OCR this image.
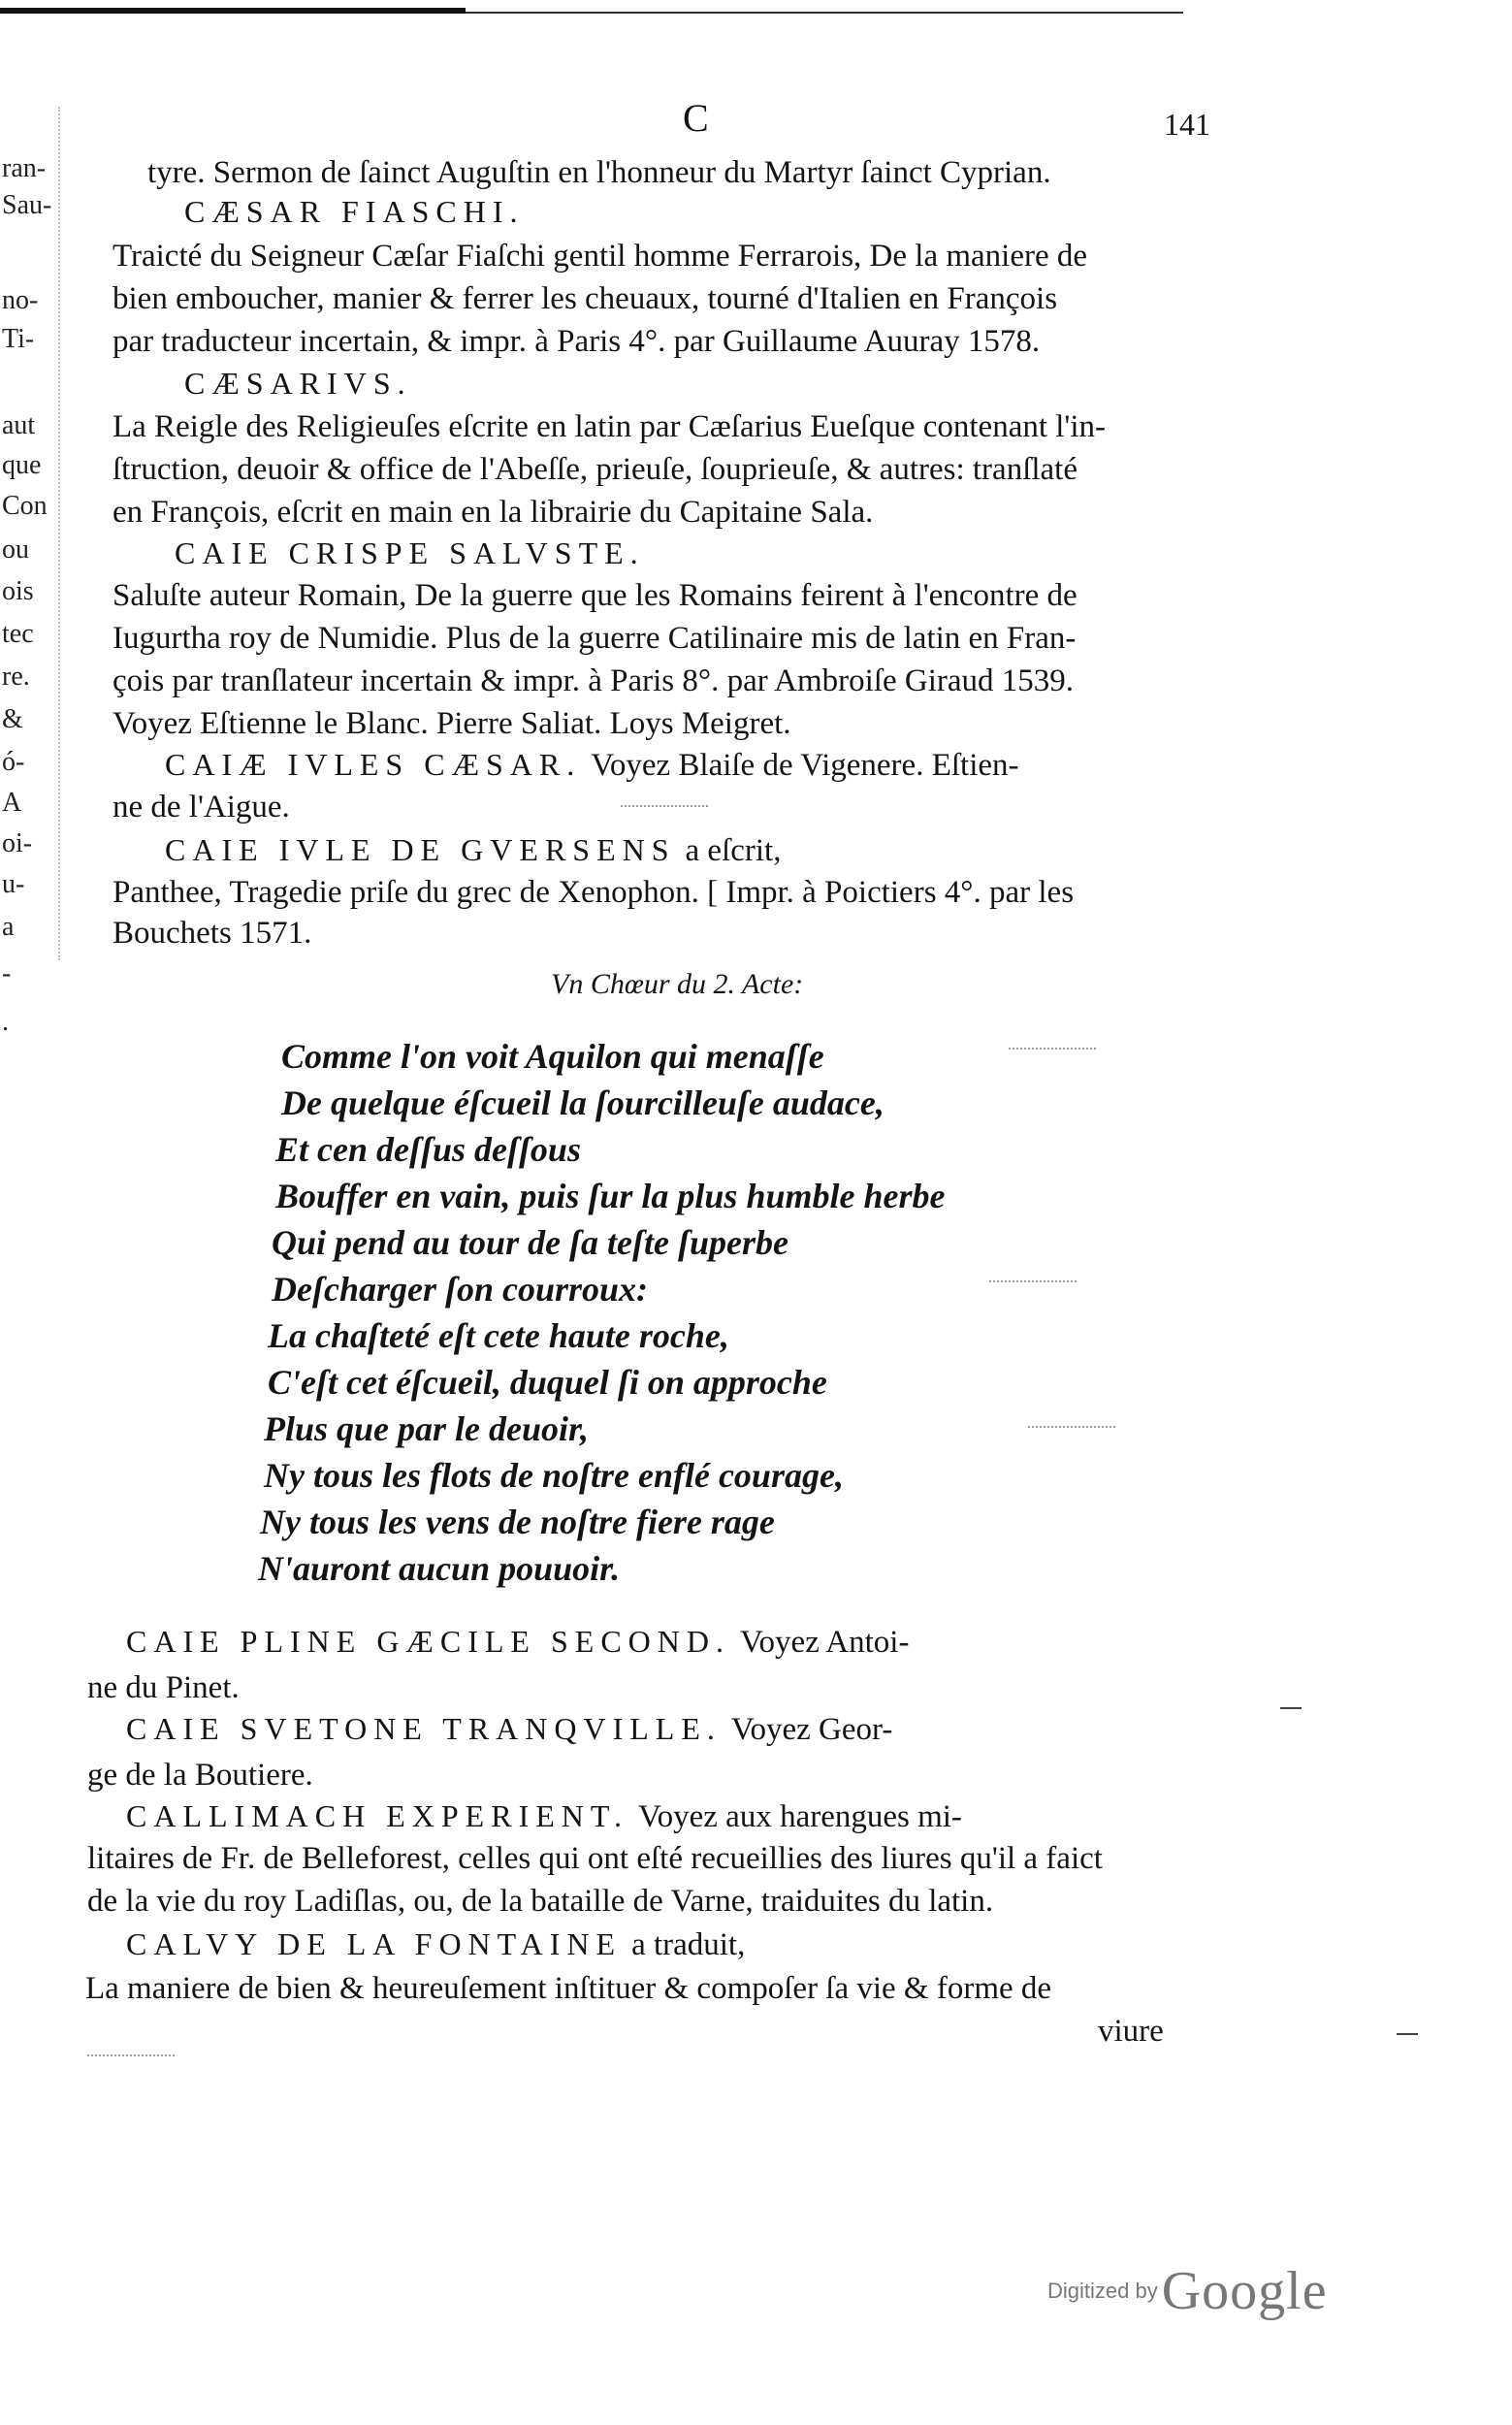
ran-
Sau-
no-
Ti-
aut
que
Con
ou
ois
tec
re.
&
ó-
A
oi-
u-
a
-
.
C	141
tyre. Sermon de ſainct Auguſtin en l'honneur du Martyr ſainct Cyprian.
CÆSAR FIASCHI.
Traicté du Seigneur Cæſar Fiaſchi gentil homme Ferrarois, De la maniere de
bien emboucher, manier & ferrer les cheuaux, tourné d'Italien en François
par traducteur incertain, & impr. à Paris 4°. par Guillaume Auuray 1578.
CÆSARIVS.
La Reigle des Religieuſes eſcrite en latin par Cæſarius Eueſque contenant l'in-
ſtruction, deuoir & office de l'Abeſſe, prieuſe, ſouprieuſe, & autres: tranſlaté
en François, eſcrit en main en la librairie du Capitaine Sala.
CAIE CRISPE SALVSTE.
Saluſte auteur Romain, De la guerre que les Romains feirent à l'encontre de
Iugurtha roy de Numidie. Plus de la guerre Catilinaire mis de latin en Fran-
çois par tranſlateur incertain & impr. à Paris 8°. par Ambroiſe Giraud 1539.
Voyez Eſtienne le Blanc. Pierre Saliat. Loys Meigret.
CAIÆ IVLES CÆSAR. Voyez Blaiſe de Vigenere. Eſtien-
ne de l'Aigue.
CAIE IVLE DE GVERSENS a eſcrit,
Panthee, Tragedie priſe du grec de Xenophon. [ Impr. à Poictiers 4°. par les
Bouchets 1571.
Vn Chœur du 2. Acte:
Comme l'on voit Aquilon qui menaſſe
De quelque éſcueil la ſourcilleuſe audace,
Et cen deſſus deſſous
Bouffer en vain, puis ſur la plus humble herbe
Qui pend au tour de ſa teſte ſuperbe
Deſcharger ſon courroux:
La chaſteté eſt cete haute roche,
C'eſt cet éſcueil, duquel ſi on approche
Plus que par le deuoir,
Ny tous les flots de noſtre enflé courage,
Ny tous les vens de noſtre fiere rage
N'auront aucun pouuoir.
CAIE PLINE GÆCILE SECOND. Voyez Antoi-
ne du Pinet.
CAIE SVETONE TRANQVILLE. Voyez Geor-
ge de la Boutiere.
CALLIMACH EXPERIENT. Voyez aux harengues mi-
litaires de Fr. de Belleforest, celles qui ont eſté recueillies des liures qu'il a faict
de la vie du roy Ladiſlas, ou, de la bataille de Varne, traiduites du latin.
CALVY DE LA FONTAINE a traduit,
La maniere de bien & heureuſement inſtituer & compoſer ſa vie & forme de
viure
Digitized by Google
